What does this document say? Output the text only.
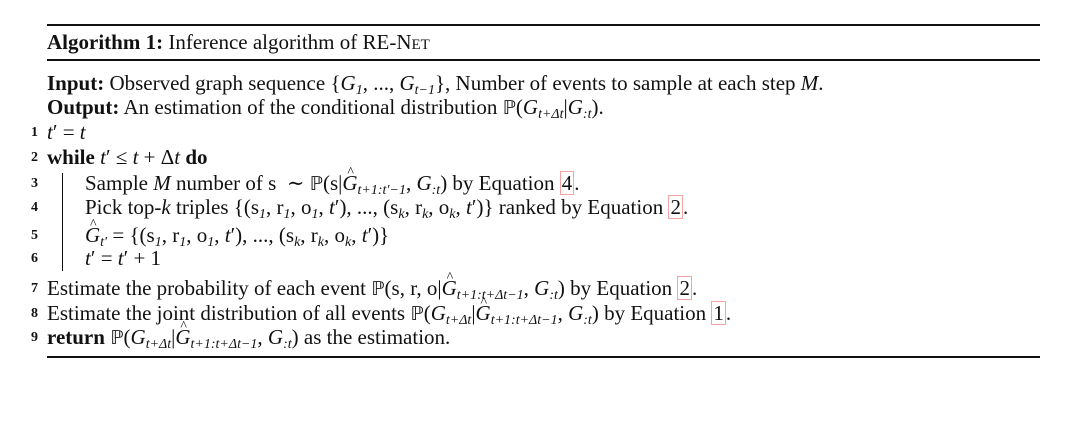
Algorithm 1: Inference algorithm of RE-Net
Input: Observed graph sequence {$G_1$, ..., $G_{t-1}$}, Number of events to sample at each step M.
Output: An estimation of the conditional distribution $ℙ(G_{t+\Delta t}|G_{:t})$.
1 t′ = t
2 while t′ ≤ t + Δt do
3 Sample M number of s  ∼ ℙ(s|^ $G_{t+1:t'-1}$, $G_{:t}$) by Equation 4.
4 Pick top-k triples {($s_1$, $r_1$, $o_1$, t′), ..., ($s_k$, $r_k$, $o_k$, t′)} ranked by Equation 2.
5 ^ $G_{t'} = \{(s_1$, $r_1$, $o_1$, t′), ..., ($s_k$, $r_k$, $o_k$, t′)}
6 t′ = t′ + 1
7 Estimate the probability of each event ℙ(s, r, o|^ $G_{t+1:t+\Delta t-1}$, $G_{:t}$) by Equation 2.
8 Estimate the joint distribution of all events $ℙ(G_{t+\Delta t}|\^{}$ $G_{t+1:t+\Delta t-1}$, $G_{:t}$) by Equation 1.
9 return $ℙ(G_{t+\Delta t}|\^{}$ $G_{t+1:t+\Delta t-1}$, $G_{:t}$) as the estimation.
